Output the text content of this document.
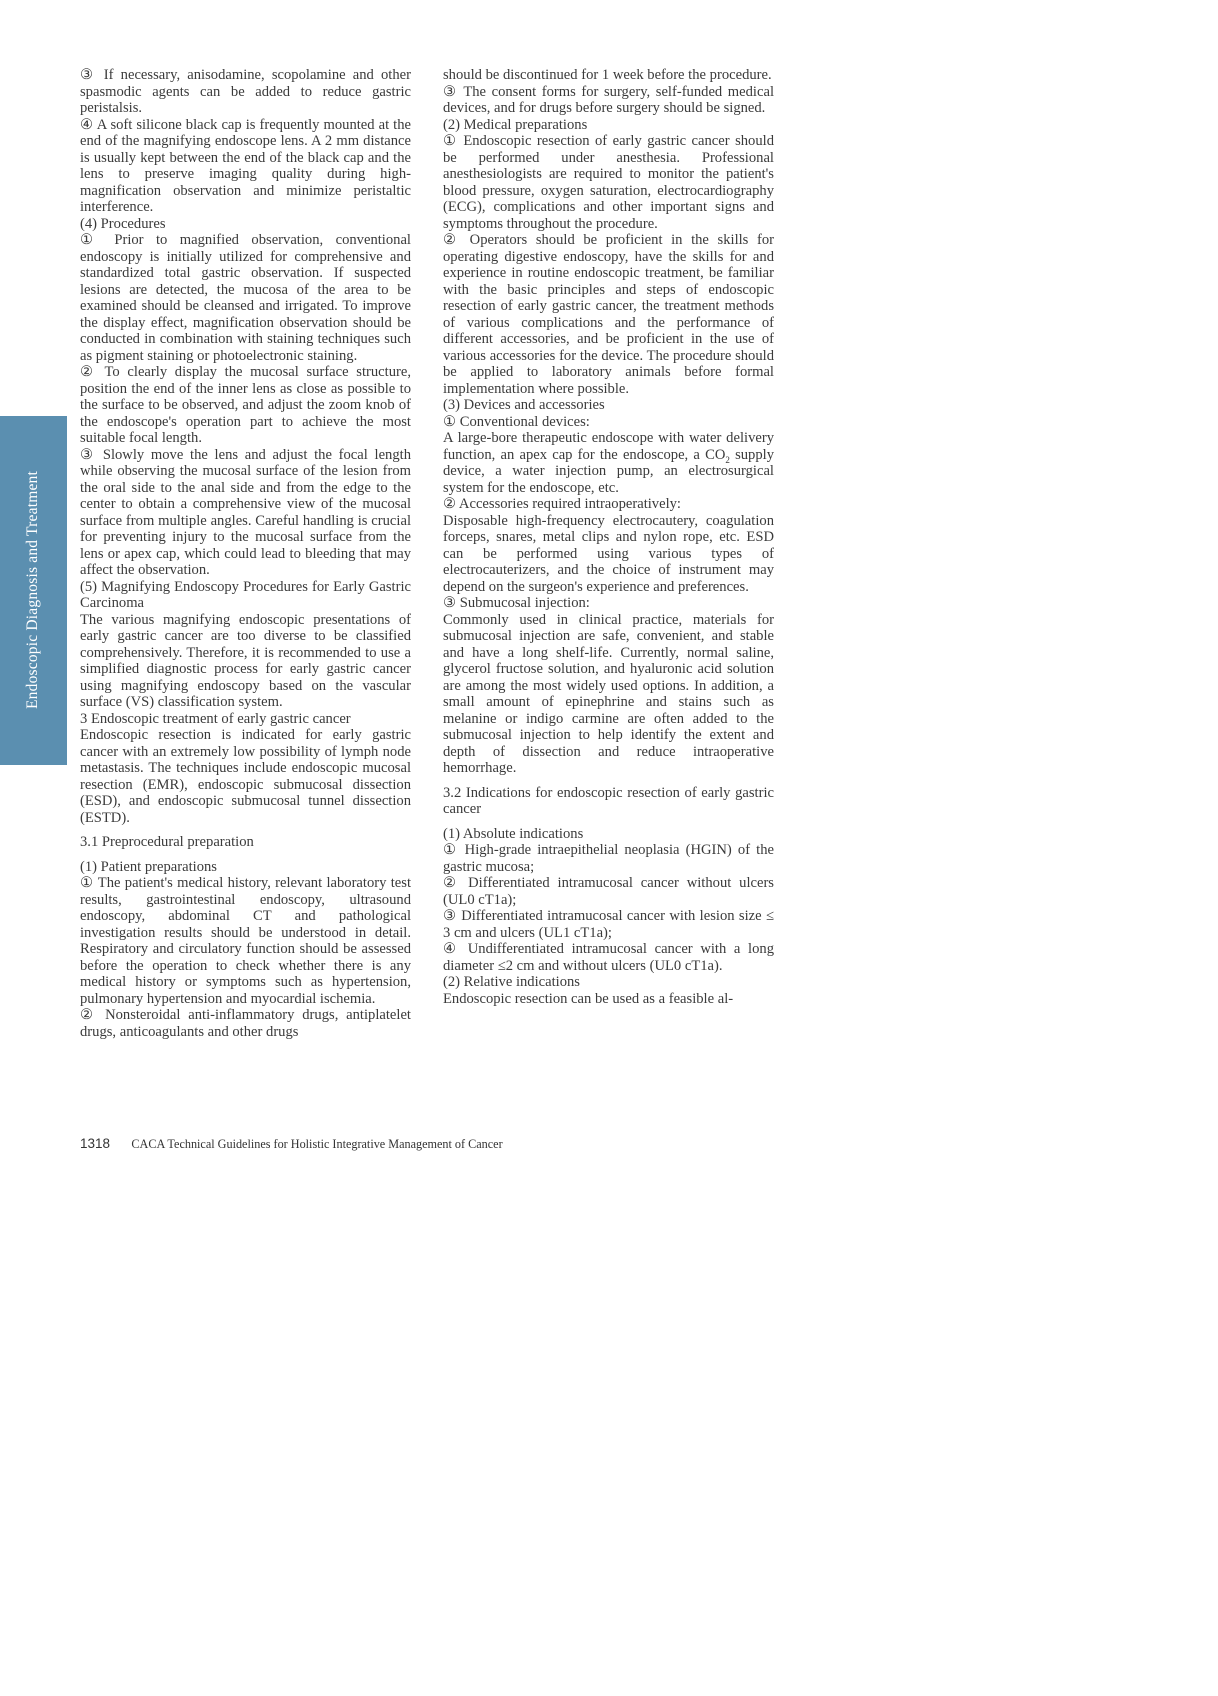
Endoscopic Diagnosis and Treatment

③ If necessary, anisodamine, scopolamine and other spasmodic agents can be added to reduce gastric peristalsis.

④ A soft silicone black cap is frequently mounted at the end of the magnifying endoscope lens. A 2 mm distance is usually kept between the end of the black cap and the lens to preserve imaging quality during high-magnification observation and minimize peristaltic interference.

(4) Procedures

① Prior to magnified observation, conventional endoscopy is initially utilized for comprehensive and standardized total gastric observation. If suspected lesions are detected, the mucosa of the area to be examined should be cleansed and irrigated. To improve the display effect, magnification observation should be conducted in combination with staining techniques such as pigment staining or photoelectronic staining.

② To clearly display the mucosal surface structure, position the end of the inner lens as close as possible to the surface to be observed, and adjust the zoom knob of the endoscope's operation part to achieve the most suitable focal length.

③ Slowly move the lens and adjust the focal length while observing the mucosal surface of the lesion from the oral side to the anal side and from the edge to the center to obtain a comprehensive view of the mucosal surface from multiple angles. Careful handling is crucial for preventing injury to the mucosal surface from the lens or apex cap, which could lead to bleeding that may affect the observation.

(5) Magnifying Endoscopy Procedures for Early Gastric Carcinoma

The various magnifying endoscopic presentations of early gastric cancer are too diverse to be classified comprehensively. Therefore, it is recommended to use a simplified diagnostic process for early gastric cancer using magnifying endoscopy based on the vascular surface (VS) classification system.

3 Endoscopic treatment of early gastric cancer

Endoscopic resection is indicated for early gastric cancer with an extremely low possibility of lymph node metastasis. The techniques include endoscopic mucosal resection (EMR), endoscopic submucosal dissection (ESD), and endoscopic submucosal tunnel dissection (ESTD).

3.1 Preprocedural preparation

(1) Patient preparations

① The patient's medical history, relevant laboratory test results, gastrointestinal endoscopy, ultrasound endoscopy, abdominal CT and pathological investigation results should be understood in detail. Respiratory and circulatory function should be assessed before the operation to check whether there is any medical history or symptoms such as hypertension, pulmonary hypertension and myocardial ischemia.

② Nonsteroidal anti-inflammatory drugs, antiplatelet drugs, anticoagulants and other drugs

should be discontinued for 1 week before the procedure.

③ The consent forms for surgery, self-funded medical devices, and for drugs before surgery should be signed.

(2) Medical preparations

① Endoscopic resection of early gastric cancer should be performed under anesthesia. Professional anesthesiologists are required to monitor the patient's blood pressure, oxygen saturation, electrocardiography (ECG), complications and other important signs and symptoms throughout the procedure.

② Operators should be proficient in the skills for operating digestive endoscopy, have the skills for and experience in routine endoscopic treatment, be familiar with the basic principles and steps of endoscopic resection of early gastric cancer, the treatment methods of various complications and the performance of different accessories, and be proficient in the use of various accessories for the device. The procedure should be applied to laboratory animals before formal implementation where possible.

(3) Devices and accessories

① Conventional devices:

A large-bore therapeutic endoscope with water delivery function, an apex cap for the endoscope, a $CO_2$ supply device, a water injection pump, an electrosurgical system for the endoscope, etc.

② Accessories required intraoperatively:

Disposable high-frequency electrocautery, coagulation forceps, snares, metal clips and nylon rope, etc. ESD can be performed using various types of electrocauterizers, and the choice of instrument may depend on the surgeon's experience and preferences.

③ Submucosal injection:

Commonly used in clinical practice, materials for submucosal injection are safe, convenient, and stable and have a long shelf-life. Currently, normal saline, glycerol fructose solution, and hyaluronic acid solution are among the most widely used options. In addition, a small amount of epinephrine and stains such as melanine or indigo carmine are often added to the submucosal injection to help identify the extent and depth of dissection and reduce intraoperative hemorrhage.

3.2 Indications for endoscopic resection of early gastric cancer

(1) Absolute indications

① High-grade intraepithelial neoplasia (HGIN) of the gastric mucosa;

② Differentiated intramucosal cancer without ulcers (UL0 cT1a);

③ Differentiated intramucosal cancer with lesion size ≤ 3 cm and ulcers (UL1 cT1a);

④ Undifferentiated intramucosal cancer with a long diameter ≤2 cm and without ulcers (UL0 cT1a).

(2) Relative indications

Endoscopic resection can be used as a feasible al-

1318 CACA Technical Guidelines for Holistic Integrative Management of Cancer
